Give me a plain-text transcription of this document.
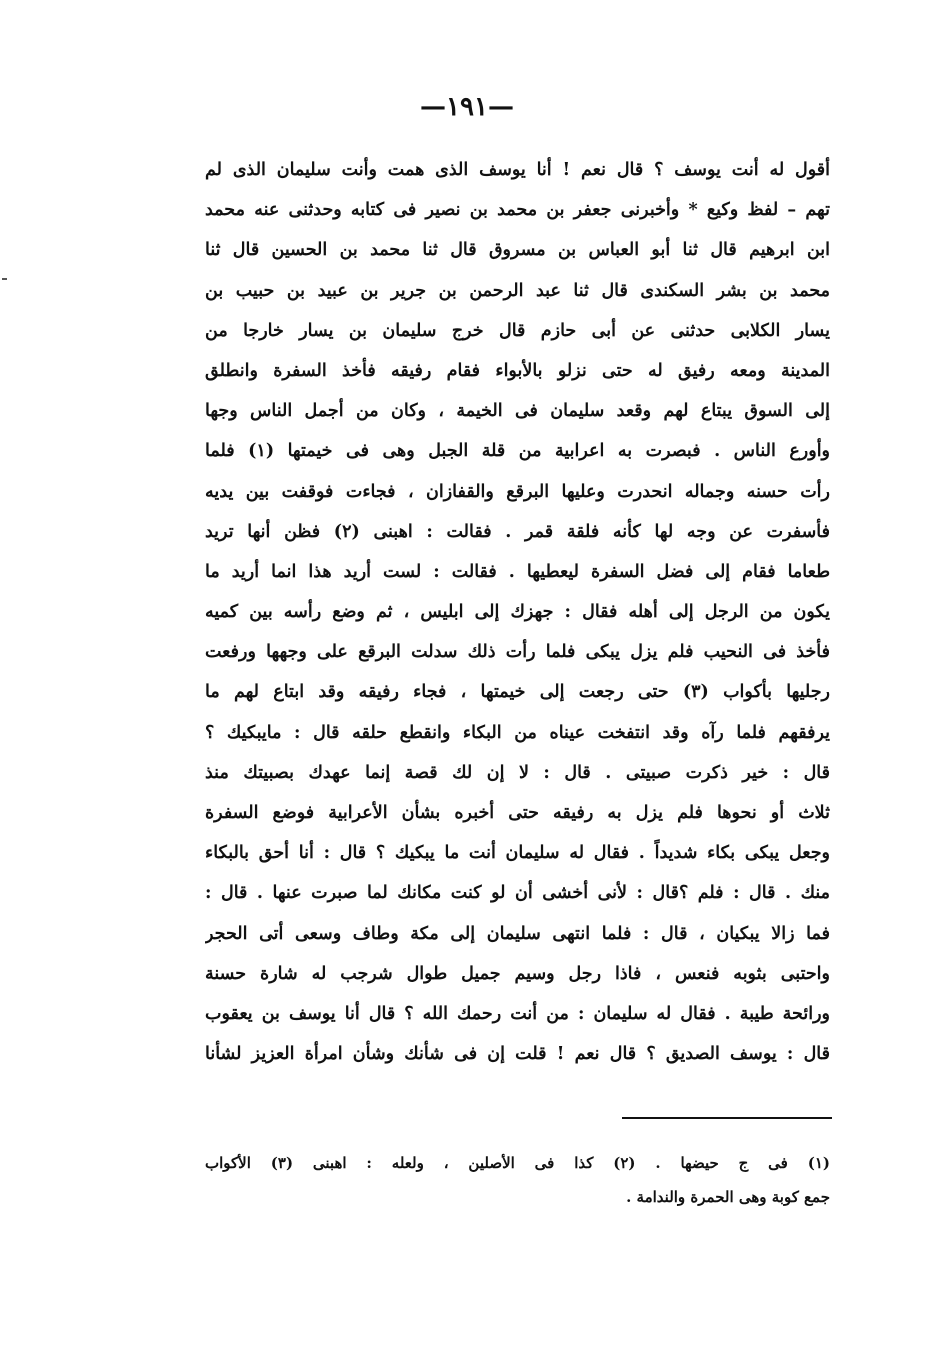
—١٩١—
أقول له أنت يوسف ؟ قال نعم ! أنا يوسف الذى همت وأنت سليمان الذى لم
تهم – لفظ وكيع * وأخبرنى جعفر بن محمد بن نصير فى كتابه وحدثنى عنه محمد
ابن ابرهيم قال ثنا أبو العباس بن مسروق قال ثنا محمد بن الحسين قال ثنا
محمد بن بشر السكندى قال ثنا عبد الرحمن بن جرير بن عبيد بن حبيب بن
يسار الكلابى حدثنى عن أبى حازم قال خرج سليمان بن يسار خارجا من
المدينة ومعه رفيق له حتى نزلو بالأبواء فقام رفيقه فأخذ السفرة وانطلق
إلى السوق يبتاع لهم وقعد سليمان فى الخيمة ، وكان من أجمل الناس وجها
وأورع الناس . فبصرت به اعرابية من قلة الجبل وهى فى خيمتها (١) فلما
رأت حسنه وجماله انحدرت وعليها البرقع والقفازان ، فجاءت فوقفت بين يديه
فأسفرت عن وجه لها كأنه فلقة قمر . فقالت : اهبنى (٢) فظن أنها تريد
طعاما فقام إلى فضل السفرة ليعطيها . فقالت : لست أريد هذا انما أريد ما
يكون من الرجل إلى أهله فقال : جهزك إلى ابليس ، ثم وضع رأسه بين كميه
فأخذ فى النحيب فلم يزل يبكى فلما رأت ذلك سدلت البرقع على وجهها ورفعت
رجليها بأكواب (٣) حتى رجعت إلى خيمتها ، فجاء رفيقه وقد ابتاع لهم ما
يرفقهم فلما رآه وقد انتفخت عيناه من البكاء وانقطع حلقه قال : مايبكيك ؟
قال : خير ذكرت صبيتى . قال : لا إن لك قصة إنما عهدك بصبيتك منذ
ثلاث أو نحوها فلم يزل به رفيقه حتى أخبره بشأن الأعرابية فوضع السفرة
وجعل يبكى بكاء شديداً . فقال له سليمان أنت ما يبكيك ؟ قال : أنا أحق بالبكاء
منك . قال : فلم ؟قال : لأنى أخشى أن لو كنت مكانك لما صبرت عنها . قال :
فما زالا يبكيان ، قال : فلما انتهى سليمان إلى مكة وطاف وسعى أتى الحجر
واحتبى بثوبه فنعس ، فاذا رجل وسيم جميل طوال شرجب له شارة حسنة
ورائحة طيبة . فقال له سليمان : من أنت رحمك الله ؟ قال أنا يوسف بن يعقوب
قال : يوسف الصديق ؟ قال نعم ! قلت إن فى شأنك وشأن امرأة العزيز لشأنا
(١) فى ج حيضها . (٢) كذا فى الأصلين ، ولعله : اهبنى (٣) الأكواب
جمع كوبة وهى الحمرة والندامة .
